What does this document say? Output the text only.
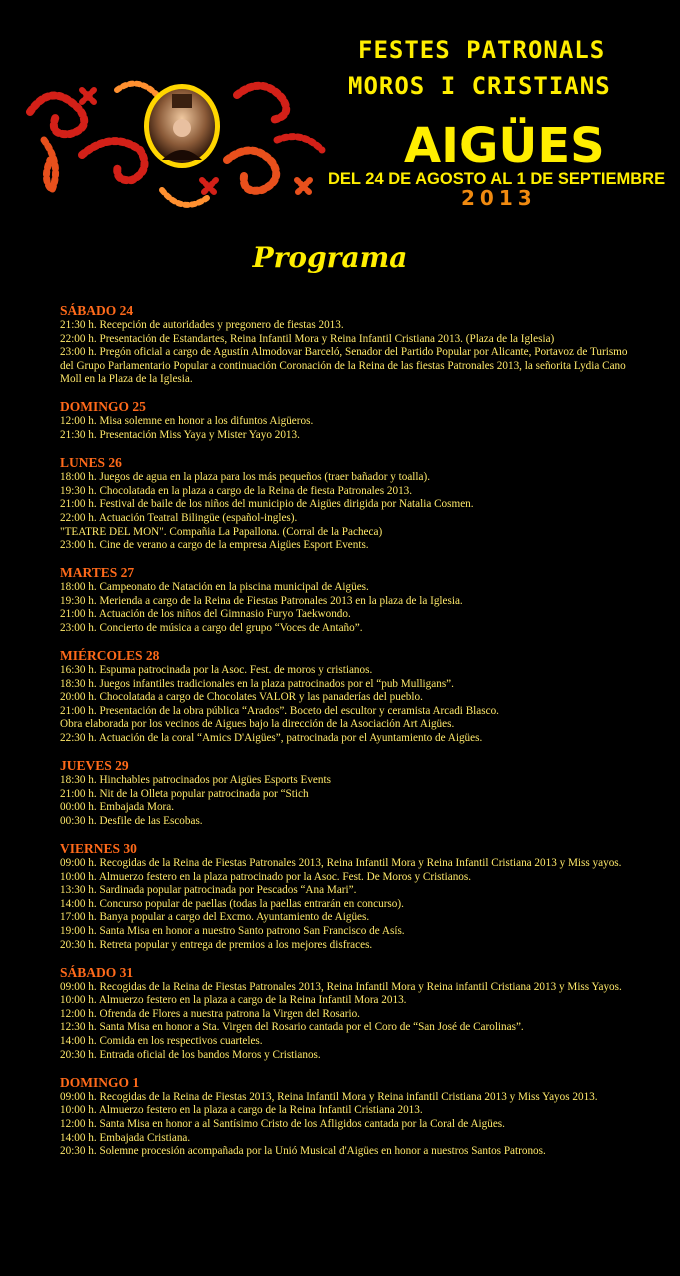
FESTES PATRONALS
MOROS I CRISTIANS
AIGÜES

DEL 24 DE AGOSTO AL 1 DE SEPTIEMBRE

2013

Programa
SÁBADO 24

21:30 h. Recepción de autoridades y pregonero de fiestas 2013.

22:00 h. Presentación de Estandartes, Reina Infantil Mora y Reina Infantil Cristiana 2013. (Plaza de la Iglesia)

23:00 h. Pregón oficial a cargo de Agustín Almodovar Barceló, Senador del Partido Popular por Alicante, Portavoz de Turismo del Grupo Parlamentario Popular a continuación Coronación de la Reina de las fiestas Patronales 2013, la señorita Lydia Cano Moll en la Plaza de la Iglesia.

DOMINGO 25

12:00 h. Misa solemne en honor a los difuntos Aigüeros.

21:30 h. Presentación Miss Yaya y Mister Yayo 2013.

LUNES 26

18:00 h. Juegos de agua en la plaza para los más pequeños (traer bañador y toalla).

19:30 h. Chocolatada en la plaza a cargo de la Reina de fiesta Patronales 2013.

21:00 h. Festival de baile de los niños del municipio de Aigües dirigida por Natalia Cosmen.

22:00 h. Actuación Teatral Bilingüe (español-ingles).

"TEATRE DEL MON". Compañia La Papallona. (Corral de la Pacheca)

23:00 h. Cine de verano a cargo de la empresa Aigües Esport Events.

MARTES 27

18:00 h. Campeonato de Natación en la piscina municipal de Aigües.

19:30 h. Merienda a cargo de la Reina de Fiestas Patronales 2013 en la plaza de la Iglesia.

21:00 h. Actuación de los niños del Gimnasio Furyo Taekwondo.

23:00 h. Concierto de música a cargo del grupo “Voces de Antaño”.

MIÉRCOLES 28

16:30 h. Espuma patrocinada por la Asoc. Fest. de moros y cristianos.

18:30 h. Juegos infantiles tradicionales en la plaza patrocinados por el “pub Mulligans”.

20:00 h. Chocolatada a cargo de Chocolates VALOR y las panaderías del pueblo.

21:00 h. Presentación de la obra pública “Arados”. Boceto del escultor y ceramista Arcadi Blasco.

Obra elaborada por los vecinos de Aigues bajo la dirección de la Asociación Art Aigües.

22:30 h. Actuación de la coral “Amics D'Aigües”, patrocinada por el Ayuntamiento de Aigües.

JUEVES 29

18:30 h. Hinchables patrocinados por Aigües Esports Events

21:00 h. Nit de la Olleta popular patrocinada por “Stich

00:00 h. Embajada Mora.

00:30 h. Desfile de las Escobas.

VIERNES 30

09:00 h. Recogidas de la Reina de Fiestas Patronales 2013, Reina Infantil Mora y Reina Infantil Cristiana 2013 y Miss yayos.

10:00 h. Almuerzo festero en la plaza patrocinado por la Asoc. Fest. De Moros y Cristianos.

13:30 h. Sardinada popular patrocinada por Pescados “Ana Mari”.

14:00 h. Concurso popular de paellas (todas la paellas entrarán en concurso).

17:00 h. Banya popular a cargo del Excmo. Ayuntamiento de Aigües.

19:00 h. Santa Misa en honor a nuestro Santo patrono San Francisco de Asís.

20:30 h. Retreta popular y entrega de premios a los mejores disfraces.

SÁBADO 31

09:00 h. Recogidas de la Reina de Fiestas Patronales 2013, Reina Infantil Mora y Reina infantil Cristiana 2013 y Miss Yayos.

10:00 h. Almuerzo festero en la plaza a cargo de la Reina Infantil Mora 2013.

12:00 h. Ofrenda de Flores a nuestra patrona la Virgen del Rosario.

12:30 h. Santa Misa en honor a Sta. Virgen del Rosario cantada por el Coro de “San José de Carolinas”.

14:00 h. Comida en los respectivos cuarteles.

20:30 h. Entrada oficial de los bandos Moros y Cristianos.

DOMINGO 1

09:00 h. Recogidas de la Reina de Fiestas 2013, Reina Infantil Mora y Reina infantil Cristiana 2013 y Miss Yayos 2013.

10:00 h. Almuerzo festero en la plaza a cargo de la Reina Infantil Cristiana 2013.

12:00 h. Santa Misa en honor a al Santísimo Cristo de los Afligidos cantada por la Coral de Aigües.

14:00 h. Embajada Cristiana.

20:30 h. Solemne procesión acompañada por la Unió Musical d'Aigües en honor a nuestros Santos Patronos.
